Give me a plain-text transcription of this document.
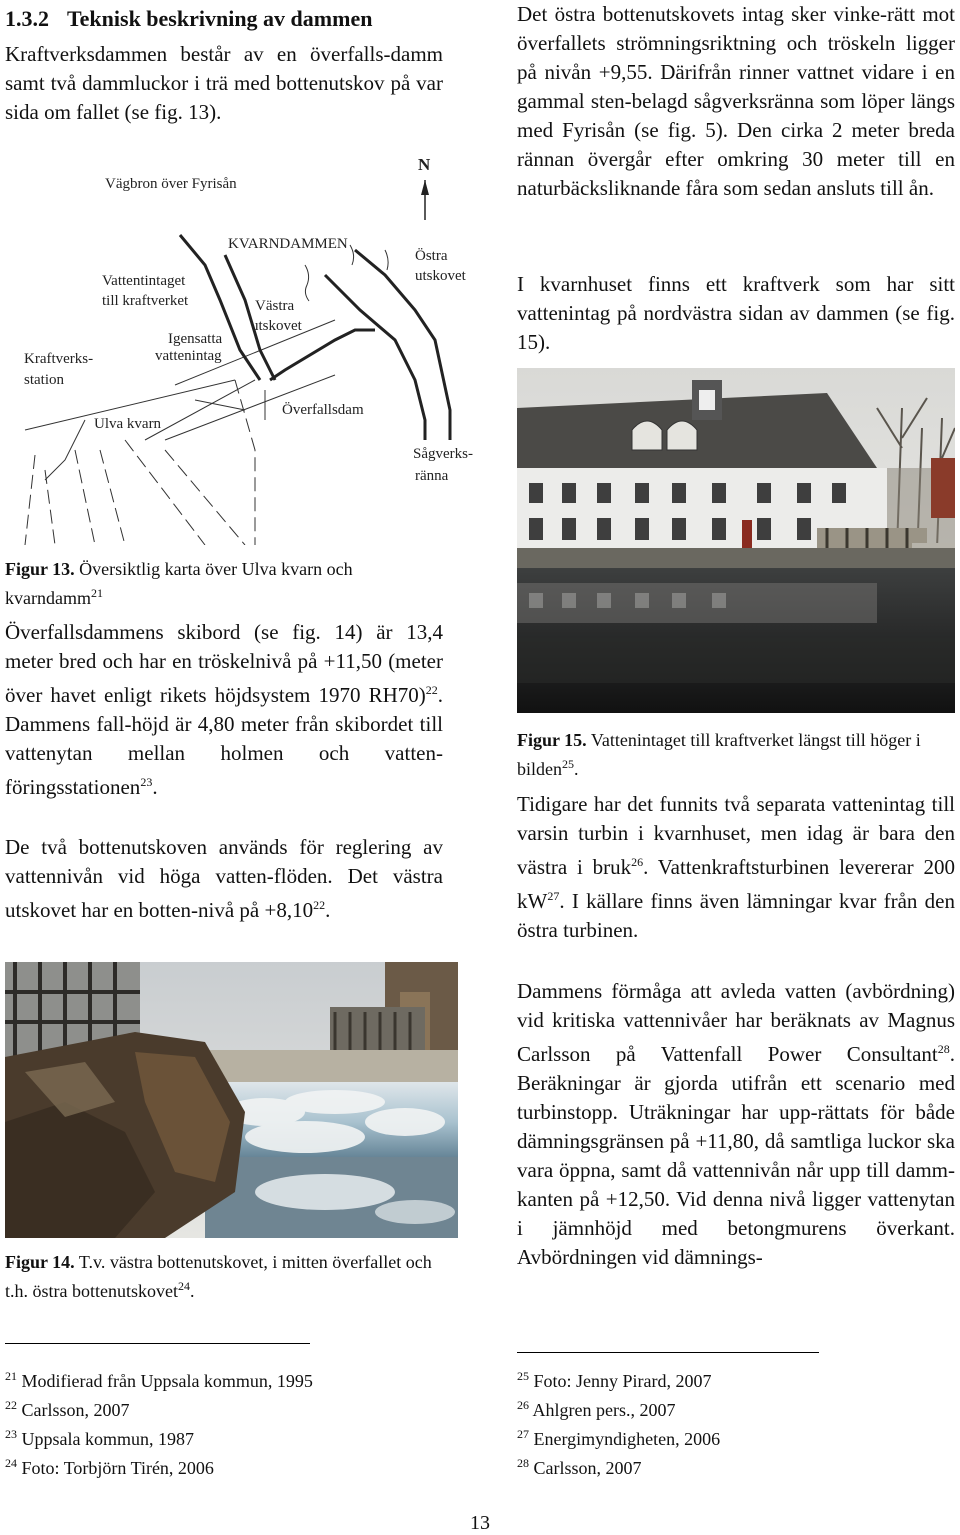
1.3.2 Teknisk beskrivning av dammen
Kraftverksdammen består av en överfalls-damm samt två dammluckor i trä med bottenutskov på var sida om fallet (se fig. 13).
N
Vägbron över Fyrisån
KVARNDAMMEN
Östra
utskovet
Vattentintaget
till kraftverket	Västra
utskovet
Igensatta
vattenintag
Kraftverks-
station
Överfallsdam
Ulva kvarn
Sågverks-
ränna
Figur 13. Översiktlig karta över Ulva kvarn och kvarndamm$^{21}$
Överfallsdammens skibord (se fig. 14) är 13,4 meter bred och har en tröskelnivå på +11,50 (meter över havet enligt rikets höjdsystem 1970 RH70)$^{22}$. Dammens fall-höjd är 4,80 meter från skibordet till vattenytan mellan holmen och vatten-föringsstationen$^{23}$.
De två bottenutskoven används för reglering av vattennivån vid höga vatten-flöden. Det västra utskovet har en botten-nivå på $+8,10^{22}$.
Figur 14. T.v. västra bottenutskovet, i mitten överfallet och t.h. östra bottenutskovet$^{24}$.
$^{21}$ Modifierad från Uppsala kommun, 1995
$^{22}$ Carlsson, 2007
$^{23}$ Uppsala kommun, 1987
$^{24}$ Foto: Torbjörn Tirén, 2006
Det östra bottenutskovets intag sker vinke-rätt mot överfallets strömningsriktning och tröskeln ligger på nivån +9,55. Därifrån rinner vattnet vidare i en gammal sten-belagd sågverksränna som löper längs med Fyrisån (se fig. 5). Den cirka 2 meter breda rännan övergår efter omkring 30 meter till en naturbäcksliknande fåra som sedan ansluts till ån.
I kvarnhuset finns ett kraftverk som har sitt vattenintag på nordvästra sidan av dammen (se fig. 15).
Figur 15. Vattenintaget till kraftverket längst till höger i bilden$^{25}$.
Tidigare har det funnits två separata vattenintag till varsin turbin i kvarnhuset, men idag är bara den västra i bruk$^{26}$. Vattenkraftsturbinen levererar 200 $kW^{27}$. I källare finns även lämningar kvar från den östra turbinen.
Dammens förmåga att avleda vatten (avbördning) vid kritiska vattennivåer har beräknats av Magnus Carlsson på Vattenfall Power Consultant$^{28}$. Beräkningar är gjorda utifrån ett scenario med turbinstopp. Uträkningar har upp-rättats för både dämningsgränsen på +11,80, då samtliga luckor ska vara öppna, samt då vattennivån når upp till damm-kanten på +12,50. Vid denna nivå ligger vattenytan i jämnhöjd med betongmurens överkant. Avbördningen vid dämnings-
$^{25}$ Foto: Jenny Pirard, 2007
$^{26}$ Ahlgren pers., 2007
$^{27}$ Energimyndigheten, 2006
$^{28}$ Carlsson, 2007
13
